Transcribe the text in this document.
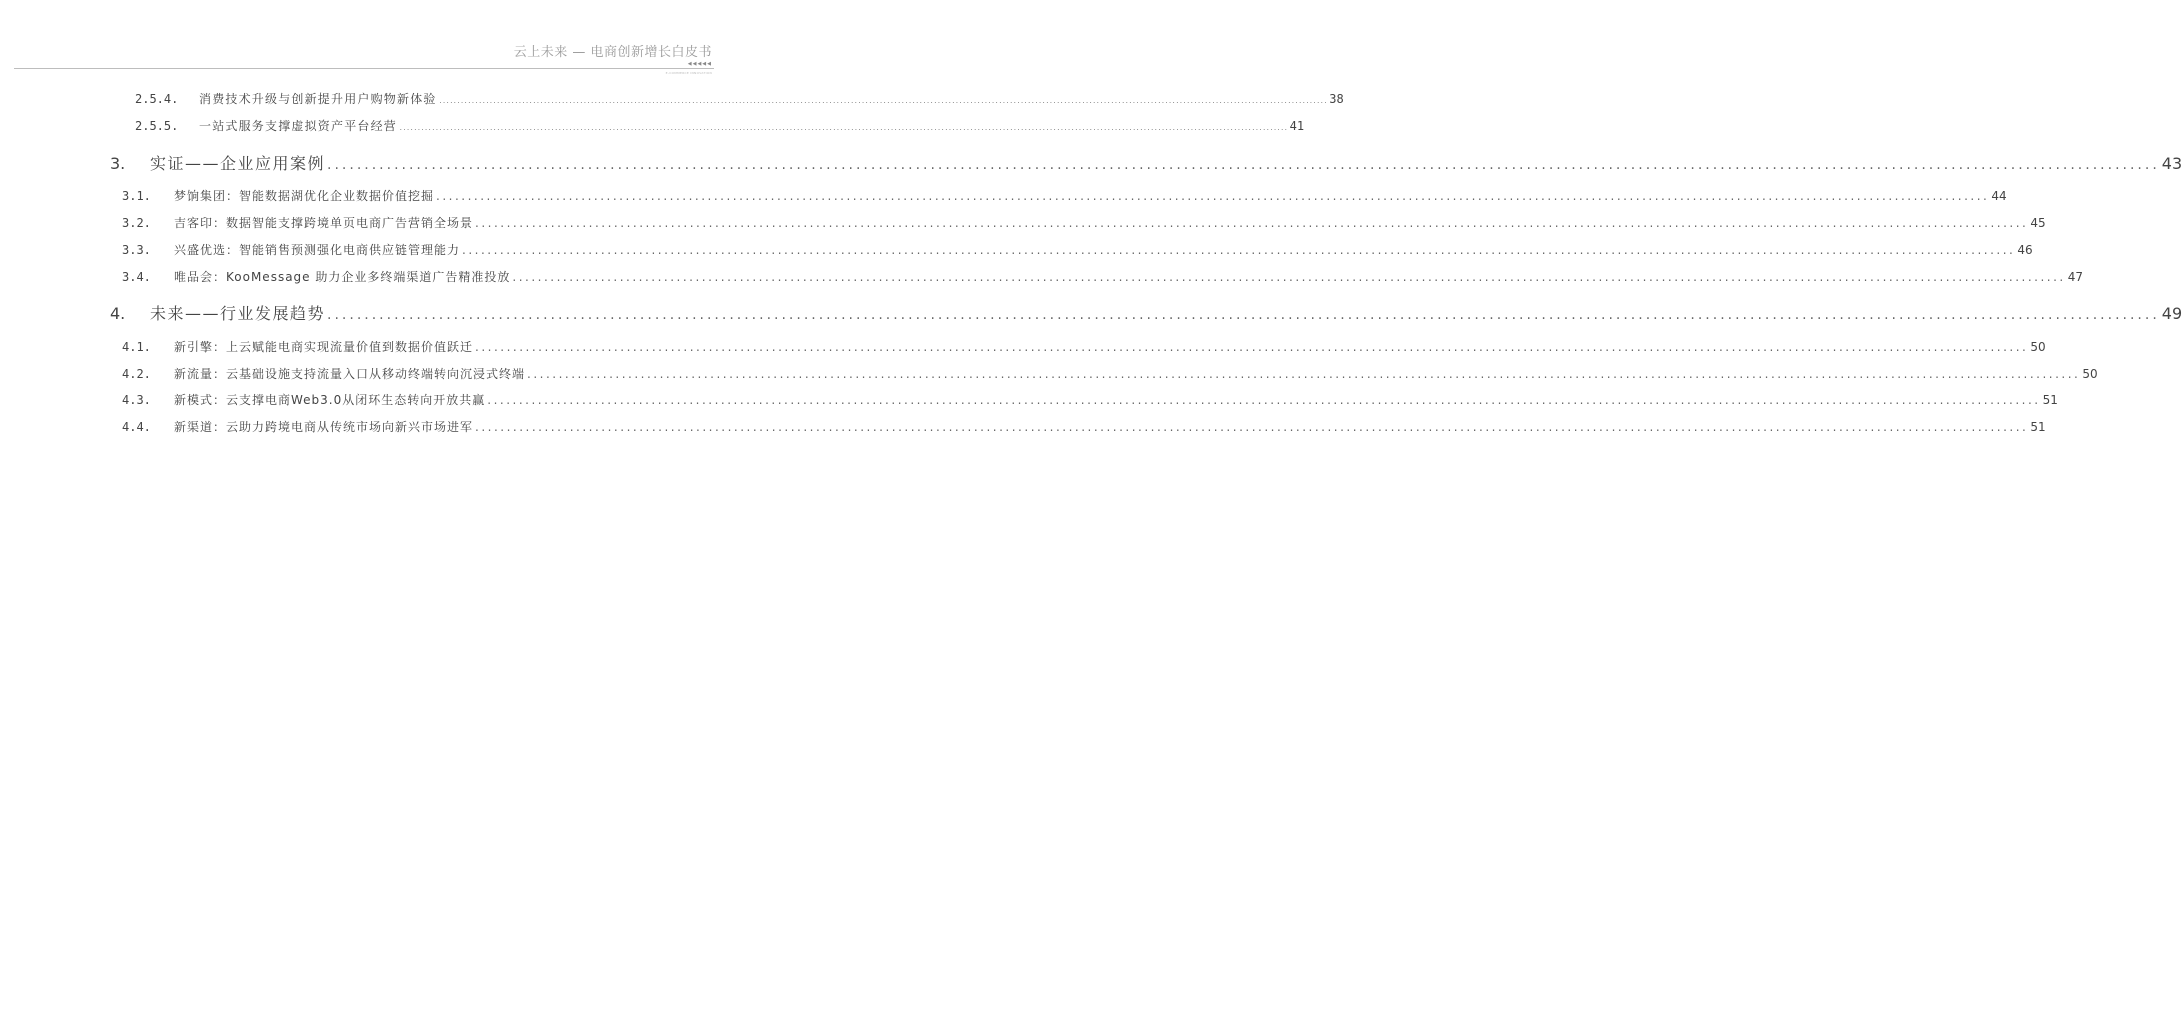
云上未来 — 电商创新增长白皮书
◀◀◀◀◀
E-COMMERCE INNOVATION
2.5.4.	消费技术升级与创新提升用户购物新体验 ...................................................................................................................................................................................................................................................... 38
2.5.5.	一站式服务支撑虚拟资产平台经营 ...................................................................................................................................................................................................................................................... 41
3.	实证——企业应用案例 ...................................................................................................................................................................................................................................................... 43
3.1.	梦饷集团：智能数据湖优化企业数据价值挖掘 ...................................................................................................................................................................................................................................................... 44
3.2.	吉客印：数据智能支撑跨境单页电商广告营销全场景 ...................................................................................................................................................................................................................................................... 45
3.3.	兴盛优选：智能销售预测强化电商供应链管理能力 ...................................................................................................................................................................................................................................................... 46
3.4.	唯品会：KooMessage 助力企业多终端渠道广告精准投放 ...................................................................................................................................................................................................................................................... 47
4.	未来——行业发展趋势 ...................................................................................................................................................................................................................................................... 49
4.1.	新引擎：上云赋能电商实现流量价值到数据价值跃迁 ...................................................................................................................................................................................................................................................... 50
4.2.	新流量：云基础设施支持流量入口从移动终端转向沉浸式终端 ...................................................................................................................................................................................................................................................... 50
4.3.	新模式：云支撑电商Web3.0从闭环生态转向开放共赢 ...................................................................................................................................................................................................................................................... 51
4.4.	新渠道：云助力跨境电商从传统市场向新兴市场进军 ...................................................................................................................................................................................................................................................... 51
